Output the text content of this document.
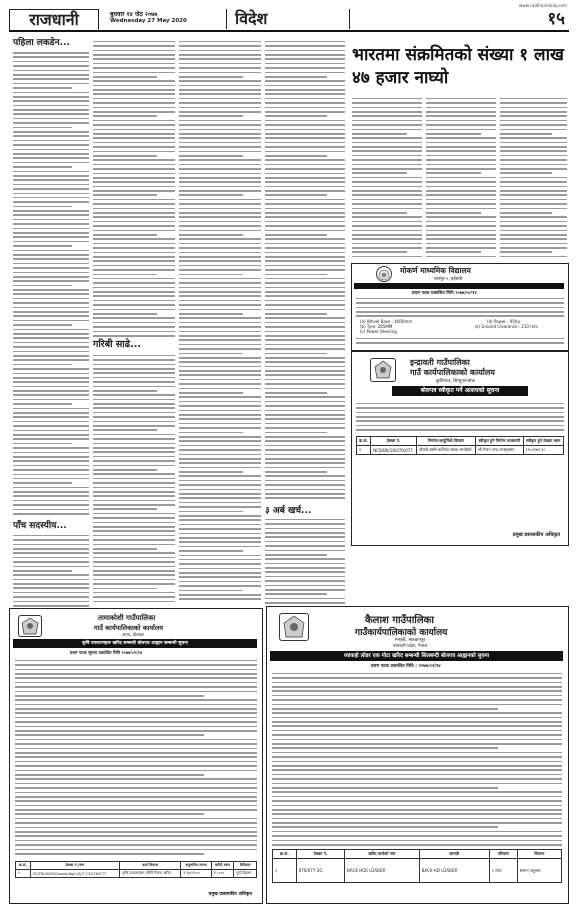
www.rajdhanidaily.com
राजधानी	बुधवार १४ जेठ २०७७
Wednesday 27 May 2020	विदेश	१५
पहिला लकडेन...
पाँच सदस्यीय...
गरिबी साढे...
३ अर्ब खर्च...
भारतमा संक्रमितको संख्या १ लाख ४७ हजार नाघ्यो
मोकर्ण माध्यमिक विद्यालय
रतनपुर-१, महोत्तरी
प्रथम पटक प्रकाशित मिति २०७७/०२/१४
(a) Wheel Base : 4000mm	(d) Power : 95hp
(b) Tyre: 285MM	(e) Ground Clearance : 210 mm
(c) Power Steering
इन्द्रावती गाउँपालिका
गाउँ कार्यपालिकाको कार्यालय
कुशिन्टार, सिन्धुपाल्चोक
बोलपत्र स्वीकृत गर्ने आशयको सूचना
क्र.सं.	ठेक्का नं.	निर्माण/आपूर्तिको विवरण	स्वीकृत हुने निर्माण व्यवसायी	स्वीकृत हुने ठेक्का रकम
१	NCB/BK/18/076/077	चौपावे बस्ती-कलिका सडक स्तरोन्नती	श्री गैजन एण्ड कन्स्ट्रक्सन	१९८४९७९.१८
प्रमुख प्रशासकीय अधिकृत
कैलाश गाउँपालिका
गाउँकार्यपालिकाको कार्यालय
मनहरी, मकवानपुर
बागमती प्रदेश, नेपाल
व्याकहो लोडर एक गोटा खरिद सम्बन्धी सिलबन्दी बोलपत्र आह्वानको सूचना
प्रथम पटक प्रकाशित मिति : २०७७/०२/१४
क्र.सं.	ठेक्का नं.	खरिद कार्यको नाम	सामग्री	परिमाण	विवरण
१	076/077-20	BACK HOE LOADER	BACK HO LOADER	१ गोटा	संलग्न अनुसार
तामाकोशी गाउँपालिका
गाउँ कार्यपालिकाको कार्यालय
जगत, दोलखा
कृषि उपकरणहरू खरिद सम्बन्धी बोलपत्र आह्वान सम्बन्धी सूचना
प्रथम पटक सूचना प्रकाशित मिति २०७७/०२/१४
क्र.सं.	ठेक्का नं./नाम	कार्य विवरण	अनुमानित लागत	धरौटी रकम	कैफियत
१.	02/TRG/NCB/Goods/Agri./A/7.7/2076/077	कृषि उपकरणहरू (मिनि टिलर) खरिद	रु ३४८६०००	रु ८०००	पुर्ण विवरण
प्रमुख प्रशासकीय अधिकृत
